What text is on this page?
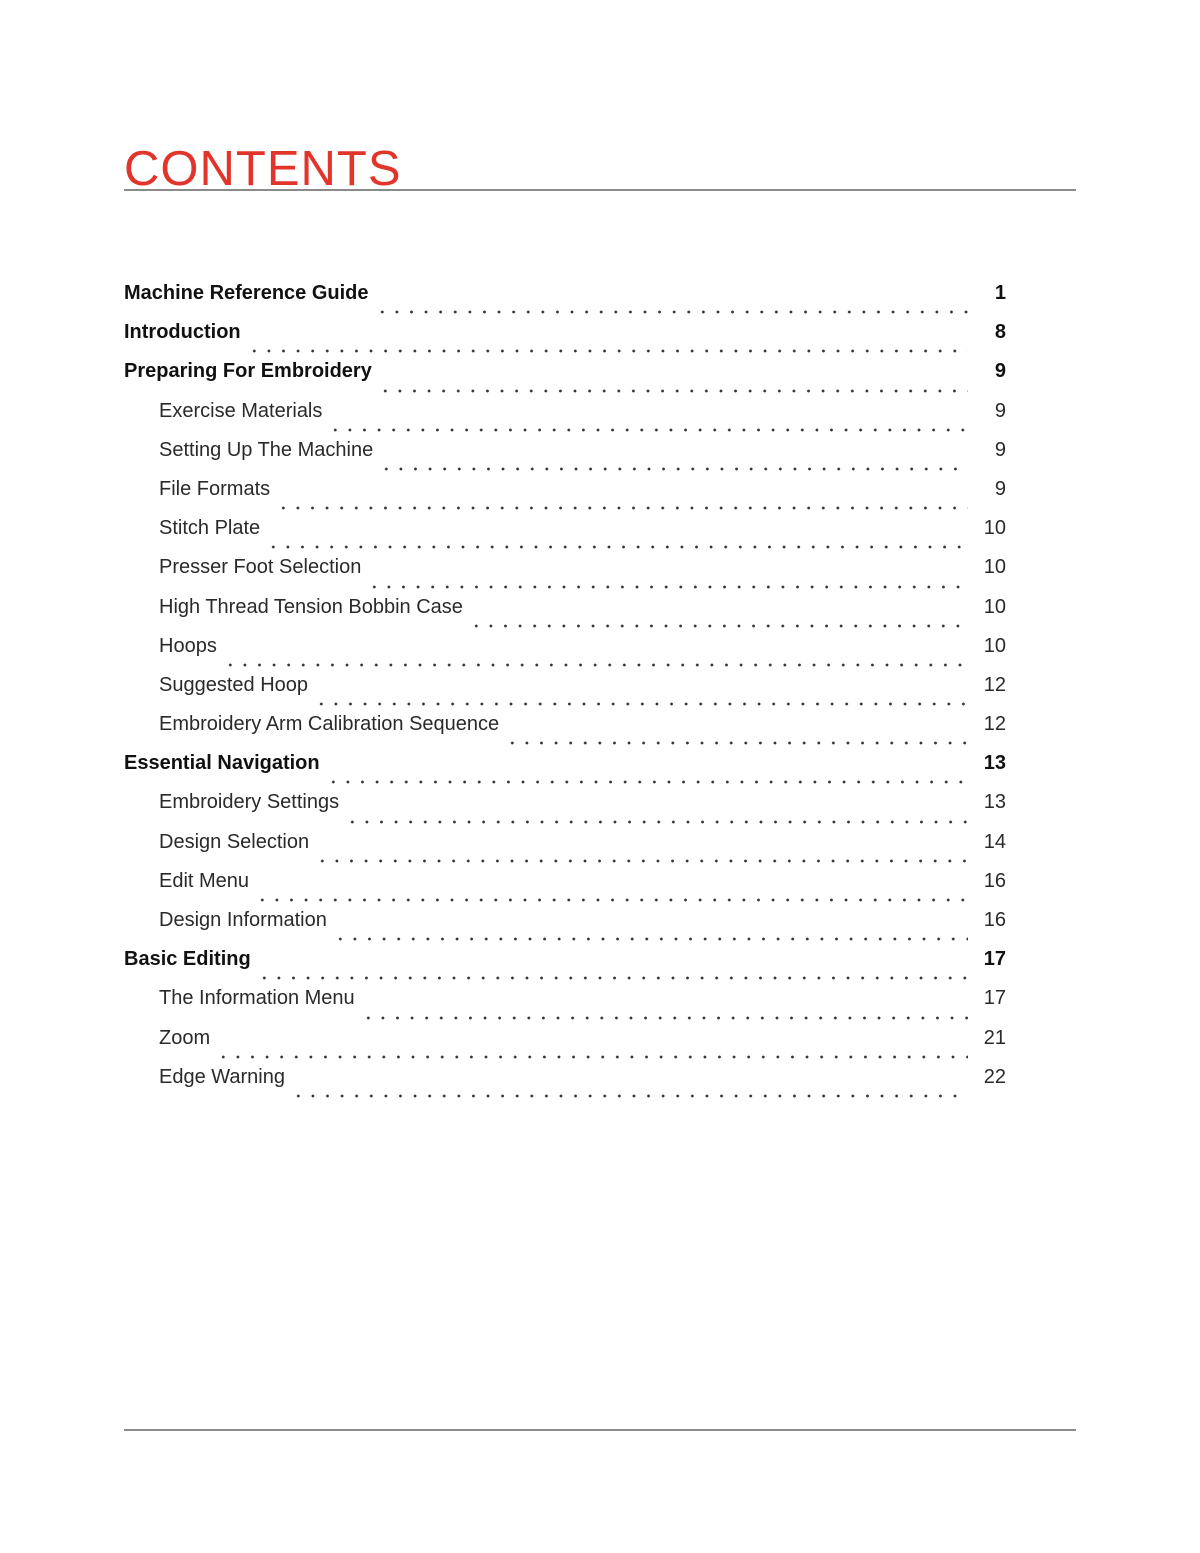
CONTENTS
Machine Reference Guide	1
Introduction	8
Preparing For Embroidery	9
Exercise Materials	9
Setting Up The Machine	9
File Formats	9
Stitch Plate	10
Presser Foot Selection	10
High Thread Tension Bobbin Case	10
Hoops	10
Suggested Hoop	12
Embroidery Arm Calibration Sequence	12
Essential Navigation	13
Embroidery Settings	13
Design Selection	14
Edit Menu	16
Design Information	16
Basic Editing	17
The Information Menu	17
Zoom	21
Edge Warning	22
